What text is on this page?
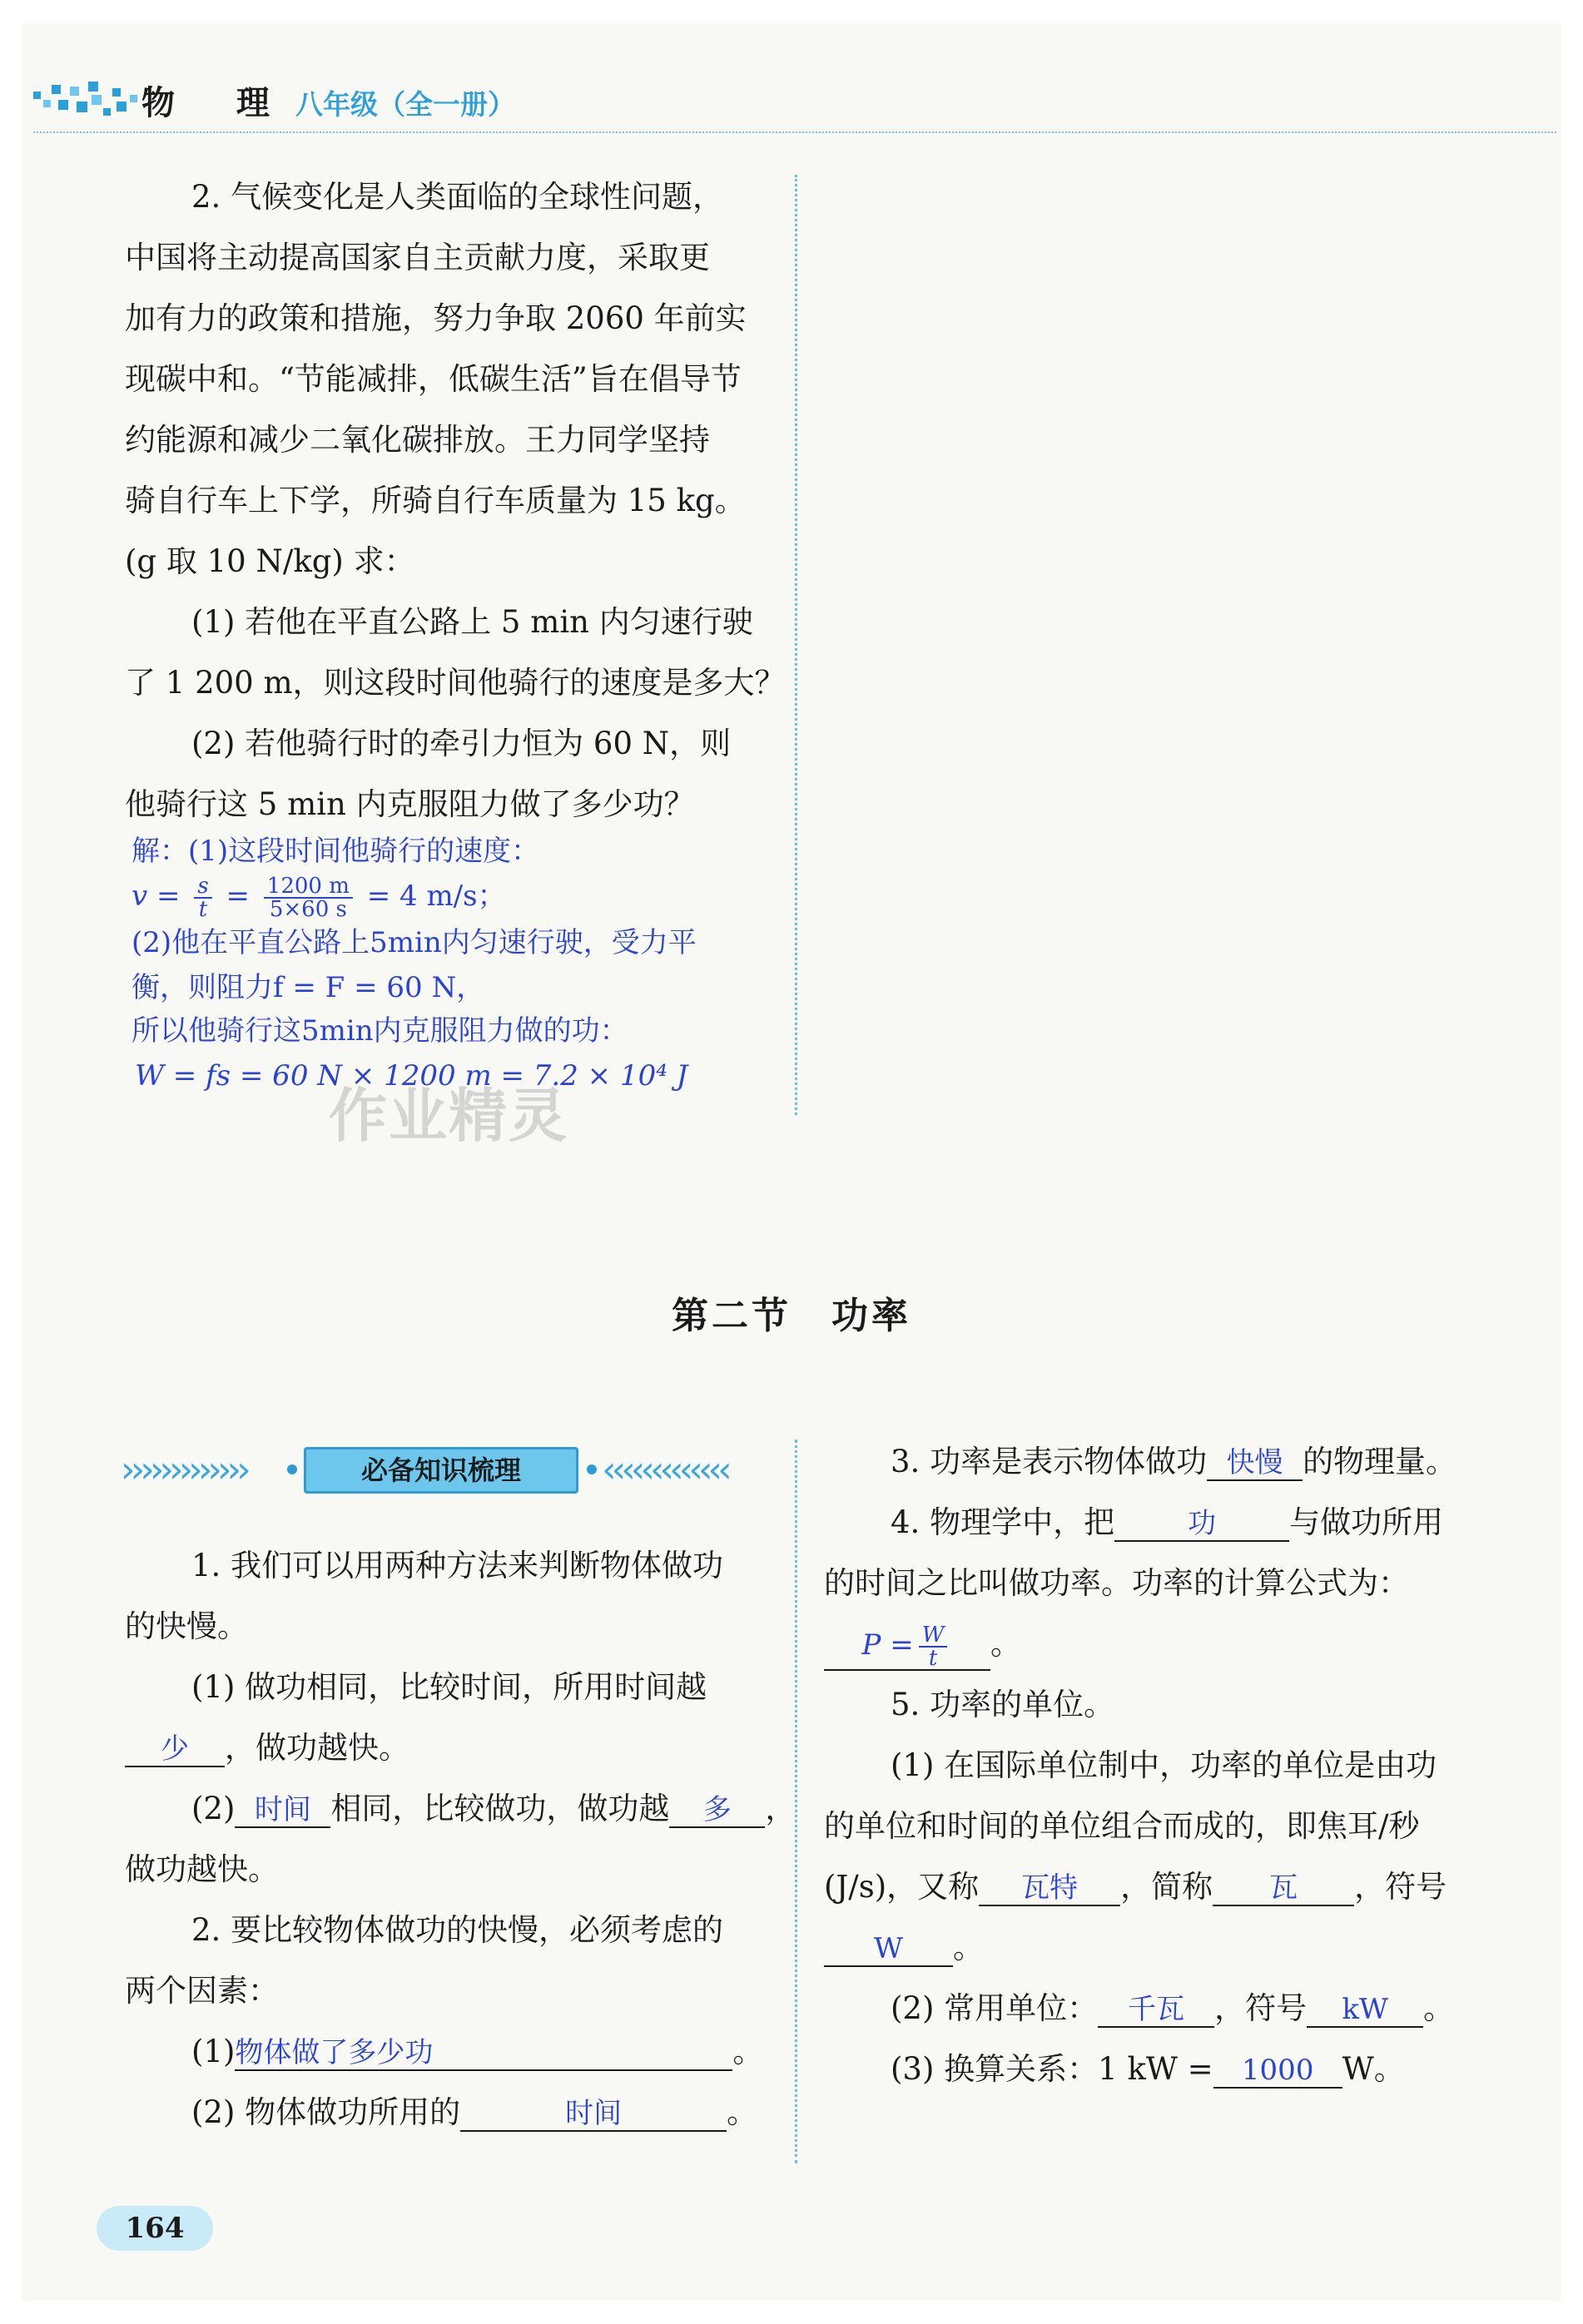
物 理 八年级（全一册）

2. 气候变化是人类面临的全球性问题，

中国将主动提高国家自主贡献力度，采取更

加有力的政策和措施，努力争取 2060 年前实

现碳中和。“节能减排，低碳生活”旨在倡导节

约能源和减少二氧化碳排放。王力同学坚持

骑自行车上下学，所骑自行车质量为 15 kg。

(g 取 10 N/kg) 求：

(1) 若他在平直公路上 5 min 内匀速行驶

了 1 200 m，则这段时间他骑行的速度是多大？

(2) 若他骑行时的牵引力恒为 60 N，则

他骑行这 5 min 内克服阻力做了多少功？

解：(1)这段时间他骑行的速度：
$v = \frac{s}{t} = \frac{1200 m}{5\times 60 s} = 4$ m/s；
(2)他在平直公路上5min内匀速行驶，受力平
衡，则阻力f = F = 60 N，
所以他骑行这5min内克服阻力做的功：
W = fs = 60 N × 1200 m = 7.2 × 10⁴ J
作业精灵
第二节　功率
›››››››››››››	必备知识梳理	‹‹‹‹‹‹‹‹‹‹‹‹‹

1. 我们可以用两种方法来判断物体做功

的快慢。

(1) 做功相同，比较时间，所用时间越

少 ，做功越快。

(2) 时间 相同，比较做功，做功越 多 ，

做功越快。

2. 要比较物体做功的快慢，必须考虑的

两个因素：

(1)物体做了多少功	。

(2) 物体做功所用的	时间	。

3. 功率是表示物体做功 快慢 的物理量。

4. 物理学中，把	功 与做功所用

的时间之比叫做功率。功率的计算公式为：

$P = \frac{W}{t}$ 。

5. 功率的单位。

(1) 在国际单位制中，功率的单位是由功

的单位和时间的单位组合而成的，即焦耳/秒

(J/s)，又称 瓦特 ，简称 瓦 ，符号

W 。

(2) 常用单位： 千瓦 ，符号 kW 。

(3) 换算关系：1 kW = 1000 W。

164
